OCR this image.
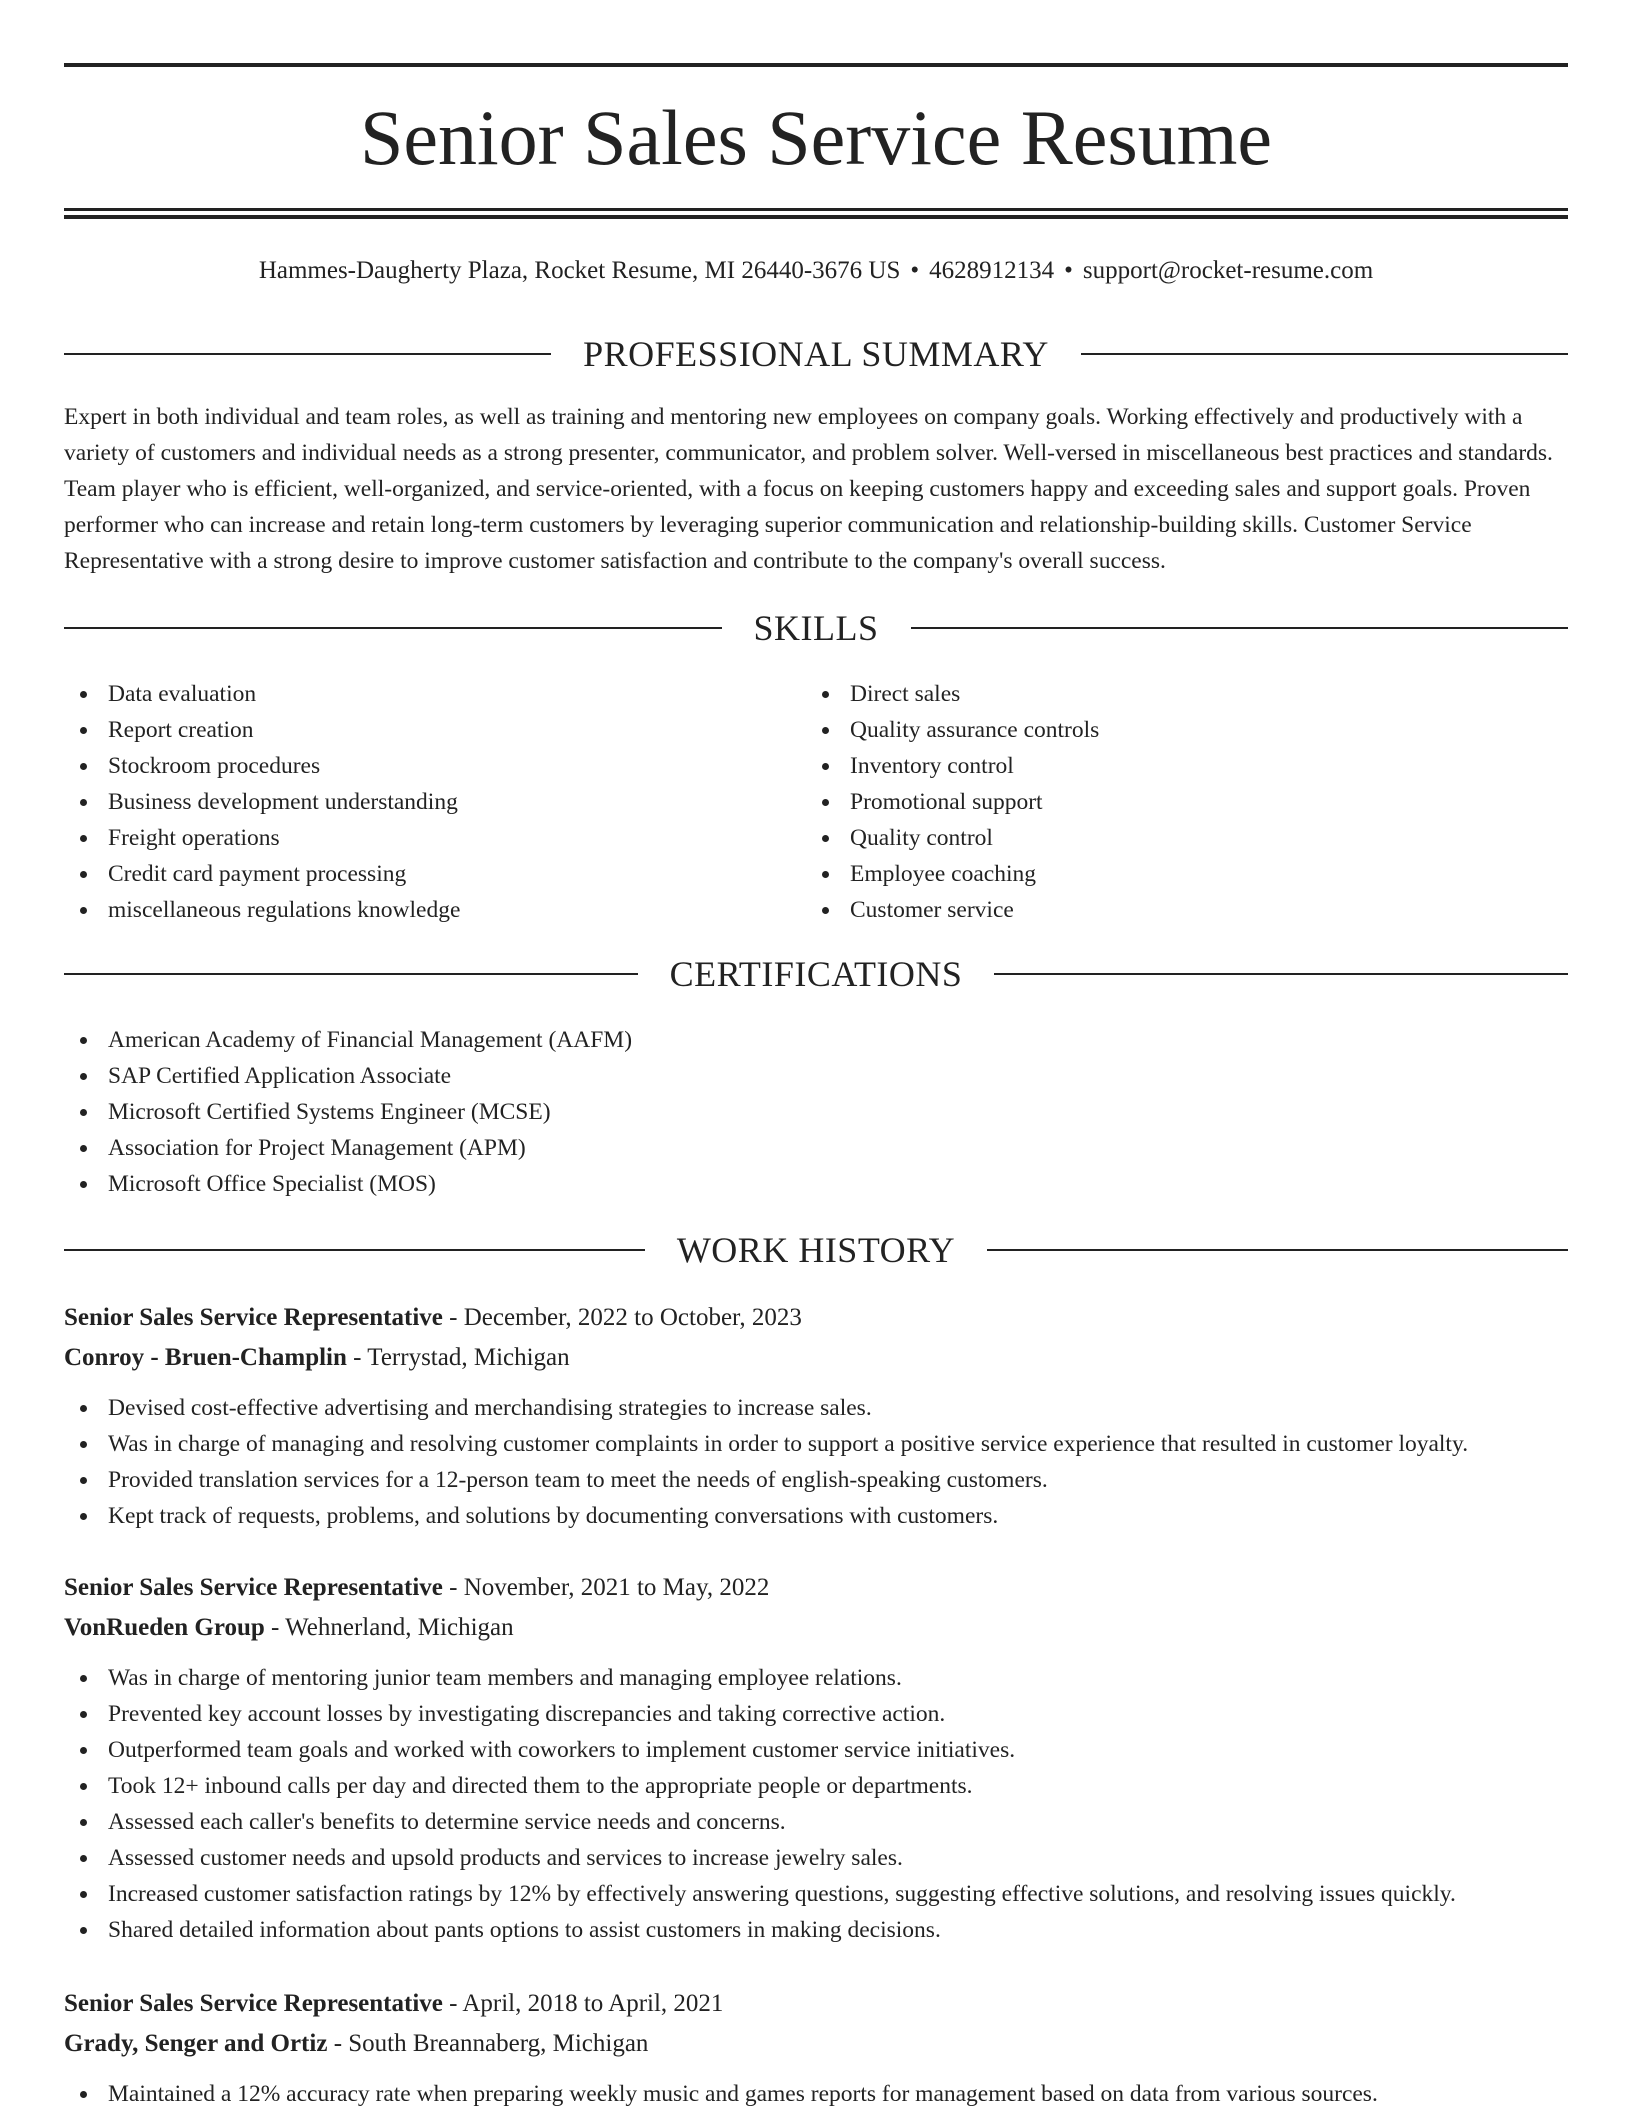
Senior Sales Service Resume
Hammes-Daugherty Plaza, Rocket Resume, MI 26440-3676 US • 4628912134 • support@rocket-resume.com
PROFESSIONAL SUMMARY

Expert in both individual and team roles, as well as training and mentoring new employees on company goals. Working effectively and productively with a variety of customers and individual needs as a strong presenter, communicator, and problem solver. Well-versed in miscellaneous best practices and standards. Team player who is efficient, well-organized, and service-oriented, with a focus on keeping customers happy and exceeding sales and support goals. Proven performer who can increase and retain long-term customers by leveraging superior communication and relationship-building skills. Customer Service Representative with a strong desire to improve customer satisfaction and contribute to the company's overall success.

SKILLS
Data evaluation
Report creation
Stockroom procedures
Business development understanding
Freight operations
Credit card payment processing
miscellaneous regulations knowledge
Direct sales
Quality assurance controls
Inventory control
Promotional support
Quality control
Employee coaching
Customer service
CERTIFICATIONS
American Academy of Financial Management (AAFM)
SAP Certified Application Associate
Microsoft Certified Systems Engineer (MCSE)
Association for Project Management (APM)
Microsoft Office Specialist (MOS)
WORK HISTORY
Senior Sales Service Representative - December, 2022 to October, 2023
Conroy - Bruen-Champlin - Terrystad, Michigan
Devised cost-effective advertising and merchandising strategies to increase sales.
Was in charge of managing and resolving customer complaints in order to support a positive service experience that resulted in customer loyalty.
Provided translation services for a 12-person team to meet the needs of english-speaking customers.
Kept track of requests, problems, and solutions by documenting conversations with customers.
Senior Sales Service Representative - November, 2021 to May, 2022
VonRueden Group - Wehnerland, Michigan
Was in charge of mentoring junior team members and managing employee relations.
Prevented key account losses by investigating discrepancies and taking corrective action.
Outperformed team goals and worked with coworkers to implement customer service initiatives.
Took 12+ inbound calls per day and directed them to the appropriate people or departments.
Assessed each caller's benefits to determine service needs and concerns.
Assessed customer needs and upsold products and services to increase jewelry sales.
Increased customer satisfaction ratings by 12% by effectively answering questions, suggesting effective solutions, and resolving issues quickly.
Shared detailed information about pants options to assist customers in making decisions.
Senior Sales Service Representative - April, 2018 to April, 2021
Grady, Senger and Ortiz - South Breannaberg, Michigan
Maintained a 12% accuracy rate when preparing weekly music and games reports for management based on data from various sources.
